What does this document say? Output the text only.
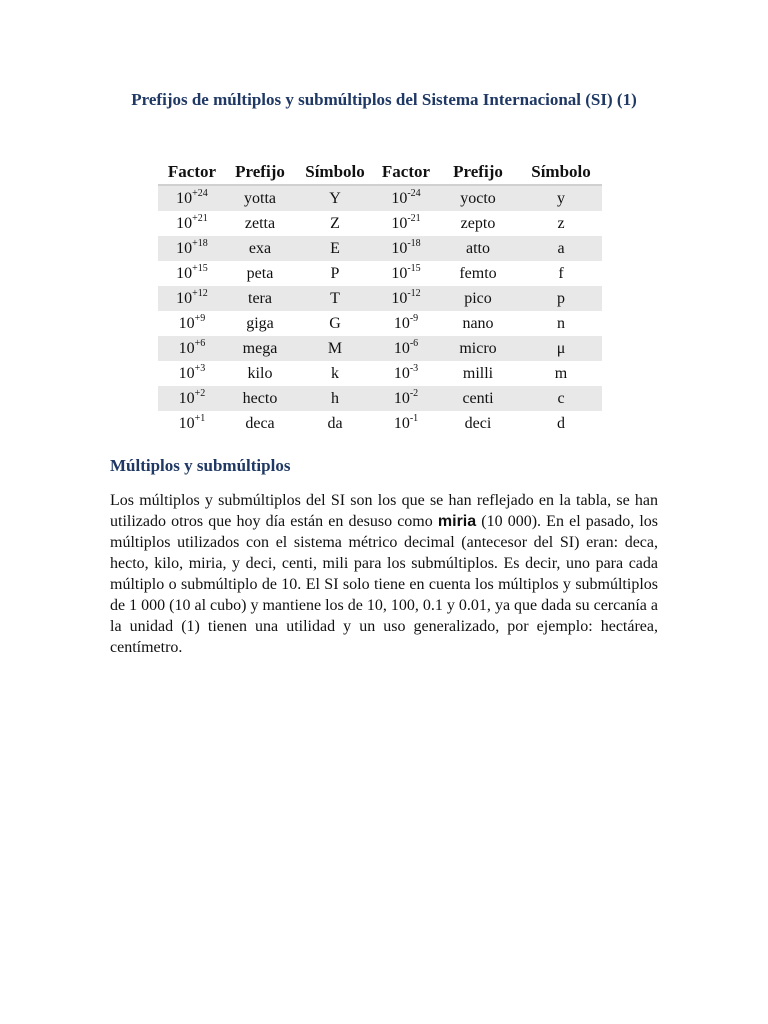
Prefijos de múltiplos y submúltiplos del Sistema Internacional (SI) (1)
Factor	Prefijo	Símbolo	Factor	Prefijo	Símbolo
$10^{+24}$	yotta	Y	$10^{-24}$	yocto	y
$10^{+21}$	zetta	Z	$10^{-21}$	zepto	z
$10^{+18}$	exa	E	$10^{-18}$	atto	a
$10^{+15}$	peta	P	$10^{-15}$	femto	f
$10^{+12}$	tera	T	$10^{-12}$	pico	p
$10^{+9}$	giga	G	$10^{-9}$	nano	n
$10^{+6}$	mega	M	$10^{-6}$	micro	μ
$10^{+3}$	kilo	k	$10^{-3}$	milli	m
$10^{+2}$	hecto	h	$10^{-2}$	centi	c
$10^{+1}$	deca	da	$10^{-1}$	deci	d
Múltiplos y submúltiplos

Los múltiplos y submúltiplos del SI son los que se han reflejado en la tabla, se han utilizado otros que hoy día están en desuso como miria (10 000). En el pasado, los múltiplos utilizados con el sistema métrico decimal (antecesor del SI) eran: deca, hecto, kilo, miria, y deci, centi, mili para los submúltiplos. Es decir, uno para cada múltiplo o submúltiplo de 10. El SI solo tiene en cuenta los múltiplos y submúltiplos de 1 000 (10 al cubo) y mantiene los de 10, 100, 0.1 y 0.01, ya que dada su cercanía a la unidad (1) tienen una utilidad y un uso generalizado, por ejemplo: hectárea, centímetro.
